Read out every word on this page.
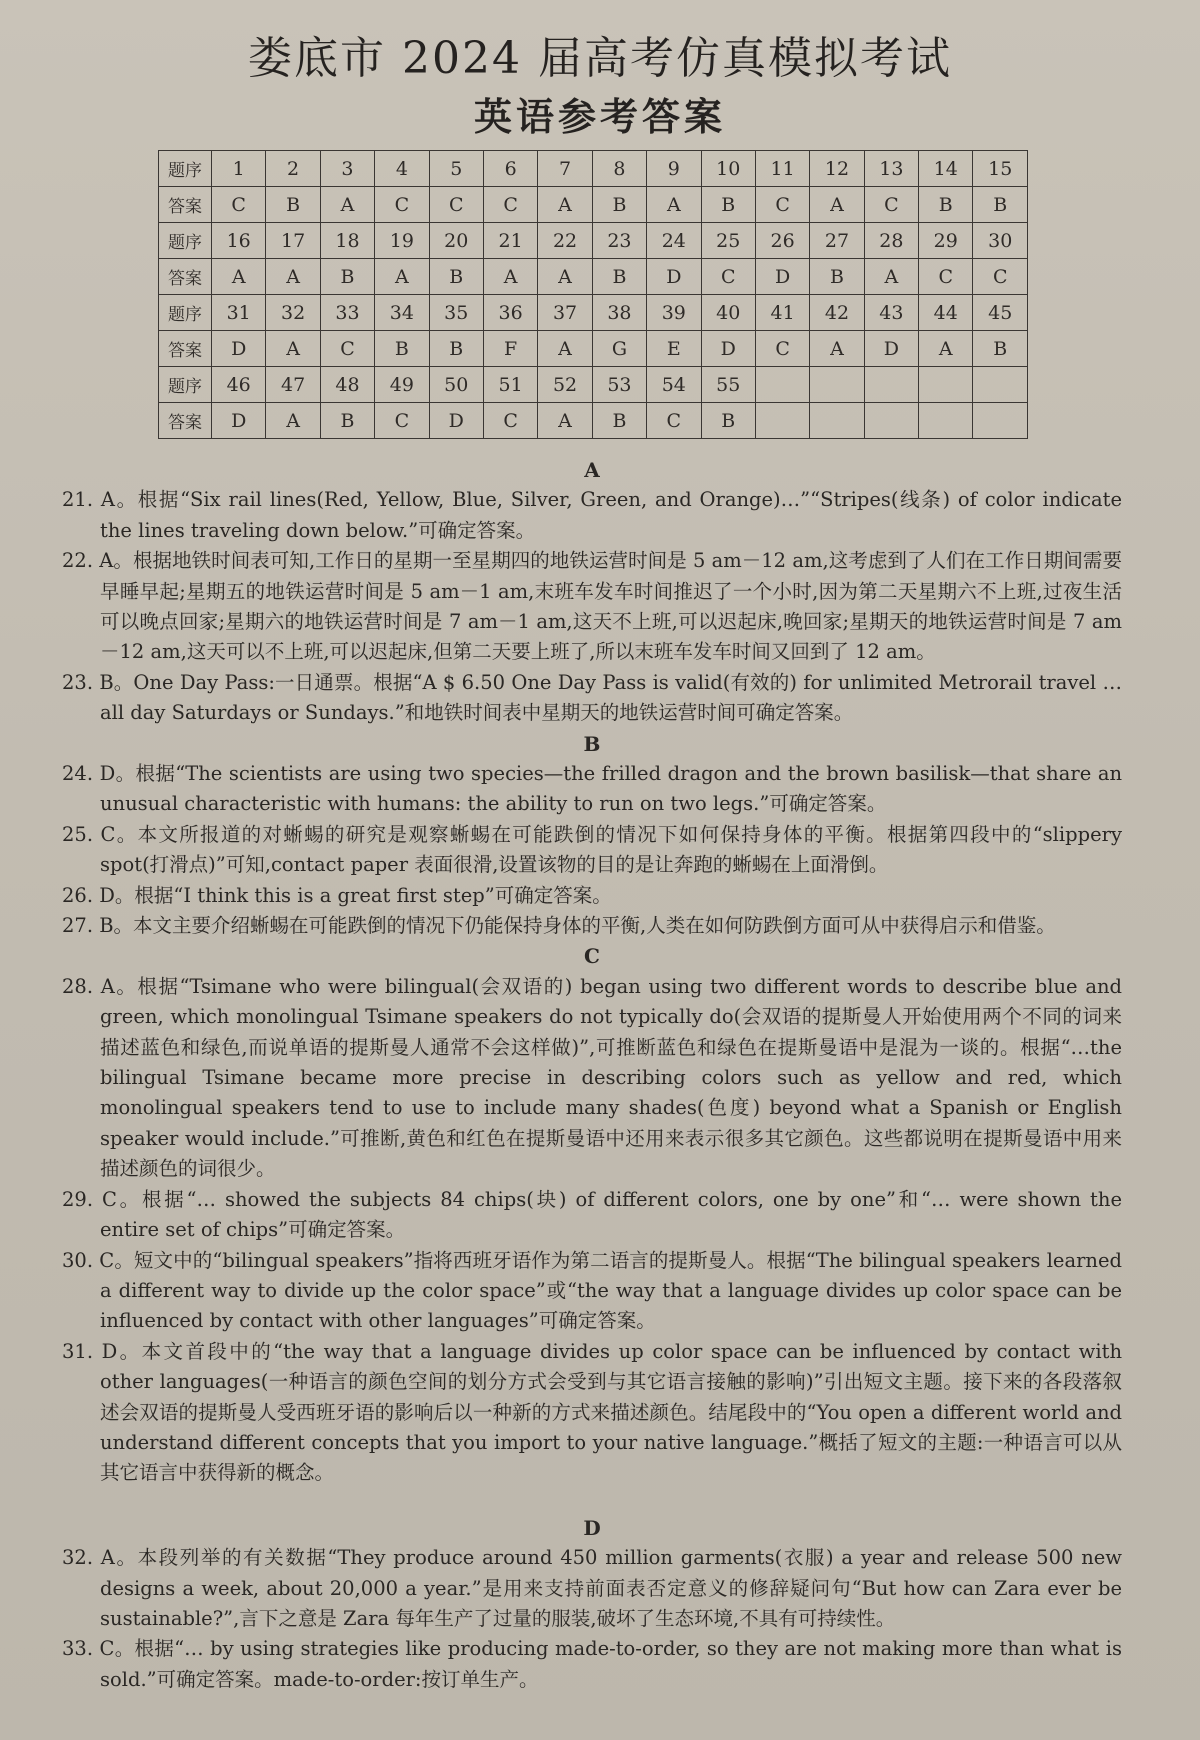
娄底市 2024 届高考仿真模拟考试
英语参考答案
题序	1	2	3	4	5	6	7	8	9	10	11	12	13	14	15
答案	C	B	A	C	C	C	A	B	A	B	C	A	C	B	B
题序	16	17	18	19	20	21	22	23	24	25	26	27	28	29	30
答案	A	A	B	A	B	A	A	B	D	C	D	B	A	C	C
题序	31	32	33	34	35	36	37	38	39	40	41	42	43	44	45
答案	D	A	C	B	B	F	A	G	E	D	C	A	D	A	B
题序	46	47	48	49	50	51	52	53	54	55					
答案	D	A	B	C	D	C	A	B	C	B					
A
21. A。根据“Six rail lines(Red, Yellow, Blue, Silver, Green, and Orange)…”“Stripes(线条) of color indicate the lines traveling down below.”可确定答案。
22. A。根据地铁时间表可知,工作日的星期一至星期四的地铁运营时间是 5 am－12 am,这考虑到了人们在工作日期间需要早睡早起;星期五的地铁运营时间是 5 am－1 am,末班车发车时间推迟了一个小时,因为第二天星期六不上班,过夜生活可以晚点回家;星期六的地铁运营时间是 7 am－1 am,这天不上班,可以迟起床,晚回家;星期天的地铁运营时间是 7 am－12 am,这天可以不上班,可以迟起床,但第二天要上班了,所以末班车发车时间又回到了 12 am。
23. B。One Day Pass:一日通票。根据“A $ 6.50 One Day Pass is valid(有效的) for unlimited Metrorail travel … all day Saturdays or Sundays.”和地铁时间表中星期天的地铁运营时间可确定答案。
B
24. D。根据“The scientists are using two species—the frilled dragon and the brown basilisk—that share an unusual characteristic with humans: the ability to run on two legs.”可确定答案。
25. C。本文所报道的对蜥蜴的研究是观察蜥蜴在可能跌倒的情况下如何保持身体的平衡。根据第四段中的“slippery spot(打滑点)”可知,contact paper 表面很滑,设置该物的目的是让奔跑的蜥蜴在上面滑倒。
26. D。根据“I think this is a great first step”可确定答案。
27. B。本文主要介绍蜥蜴在可能跌倒的情况下仍能保持身体的平衡,人类在如何防跌倒方面可从中获得启示和借鉴。
C
28. A。根据“Tsimane who were bilingual(会双语的) began using two different words to describe blue and green, which monolingual Tsimane speakers do not typically do(会双语的提斯曼人开始使用两个不同的词来描述蓝色和绿色,而说单语的提斯曼人通常不会这样做)”,可推断蓝色和绿色在提斯曼语中是混为一谈的。根据“…the bilingual Tsimane became more precise in describing colors such as yellow and red, which monolingual speakers tend to use to include many shades(色度) beyond what a Spanish or English speaker would include.”可推断,黄色和红色在提斯曼语中还用来表示很多其它颜色。这些都说明在提斯曼语中用来描述颜色的词很少。
29. C。根据“… showed the subjects 84 chips(块) of different colors, one by one”和“… were shown the entire set of chips”可确定答案。
30. C。短文中的“bilingual speakers”指将西班牙语作为第二语言的提斯曼人。根据“The bilingual speakers learned a different way to divide up the color space”或“the way that a language divides up color space can be influenced by contact with other languages”可确定答案。
31. D。本文首段中的“the way that a language divides up color space can be influenced by contact with other languages(一种语言的颜色空间的划分方式会受到与其它语言接触的影响)”引出短文主题。接下来的各段落叙述会双语的提斯曼人受西班牙语的影响后以一种新的方式来描述颜色。结尾段中的“You open a different world and understand different concepts that you import to your native language.”概括了短文的主题:一种语言可以从其它语言中获得新的概念。
D
32. A。本段列举的有关数据“They produce around 450 million garments(衣服) a year and release 500 new designs a week, about 20,000 a year.”是用来支持前面表否定意义的修辞疑问句“But how can Zara ever be sustainable?”,言下之意是 Zara 每年生产了过量的服装,破坏了生态环境,不具有可持续性。
33. C。根据“… by using strategies like producing made-to-order, so they are not making more than what is sold.”可确定答案。made-to-order:按订单生产。
